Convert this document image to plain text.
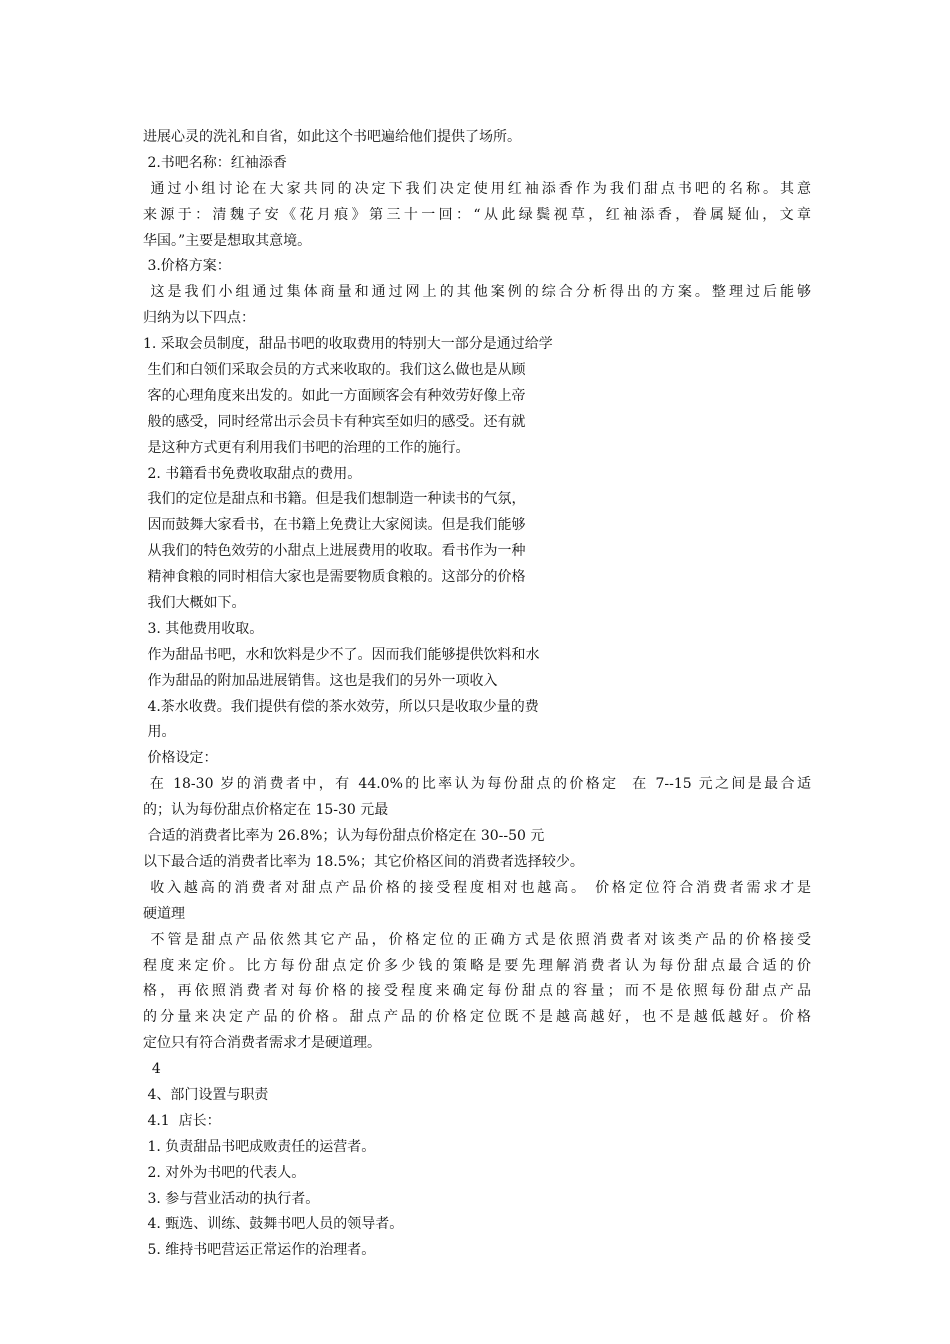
进展心灵的洗礼和自省，如此这个书吧遍给他们提供了场所。
2.书吧名称：红袖添香
通过小组讨论在大家共同的决定下我们决定使用红袖添香作为我们甜点书吧的名称。其意
来源于：清魏子安《花月痕》第三十一回：“从此绿鬓视草，红袖添香，眷属疑仙，文章
华国。”主要是想取其意境。
3.价格方案：
这是我们小组通过集体商量和通过网上的其他案例的综合分析得出的方案。整理过后能够
归纳为以下四点：
1. 采取会员制度，甜品书吧的收取费用的特别大一部分是通过给学
生们和白领们采取会员的方式来收取的。我们这么做也是从顾
客的心理角度来出发的。如此一方面顾客会有种效劳好像上帝
般的感受，同时经常出示会员卡有种宾至如归的感受。还有就
是这种方式更有利用我们书吧的治理的工作的施行。
2. 书籍看书免费收取甜点的费用。
我们的定位是甜点和书籍。但是我们想制造一种读书的气氛，
因而鼓舞大家看书，在书籍上免费让大家阅读。但是我们能够
从我们的特色效劳的小甜点上进展费用的收取。看书作为一种
精神食粮的同时相信大家也是需要物质食粮的。这部分的价格
我们大概如下。
3. 其他费用收取。
作为甜品书吧，水和饮料是少不了。因而我们能够提供饮料和水
作为甜品的附加品进展销售。这也是我们的另外一项收入
4.茶水收费。我们提供有偿的茶水效劳，所以只是收取少量的费
用。
价格设定：
在 18-30 岁的消费者中，有 44.0%的比率认为每份甜点的价格定  在 7--15 元之间是最合适
的；认为每份甜点价格定在 15-30 元最
合适的消费者比率为 26.8%；认为每份甜点价格定在 30--50 元
以下最合适的消费者比率为 18.5%；其它价格区间的消费者选择较少。
收入越高的消费者对甜点产品价格的接受程度相对也越高。 价格定位符合消费者需求才是
硬道理
不管是甜点产品依然其它产品，价格定位的正确方式是依照消费者对该类产品的价格接受
程度来定价。比方每份甜点定价多少钱的策略是要先理解消费者认为每份甜点最合适的价
格，再依照消费者对每价格的接受程度来确定每份甜点的容量；而不是依照每份甜点产品
的分量来决定产品的价格。甜点产品的价格定位既不是越高越好，也不是越低越好。价格
定位只有符合消费者需求才是硬道理。
4
4、部门设置与职责
4.1  店长：
1. 负责甜品书吧成败责任的运营者。
2. 对外为书吧的代表人。
3. 参与营业活动的执行者。
4. 甄选、训练、鼓舞书吧人员的领导者。
5. 维持书吧营运正常运作的治理者。
